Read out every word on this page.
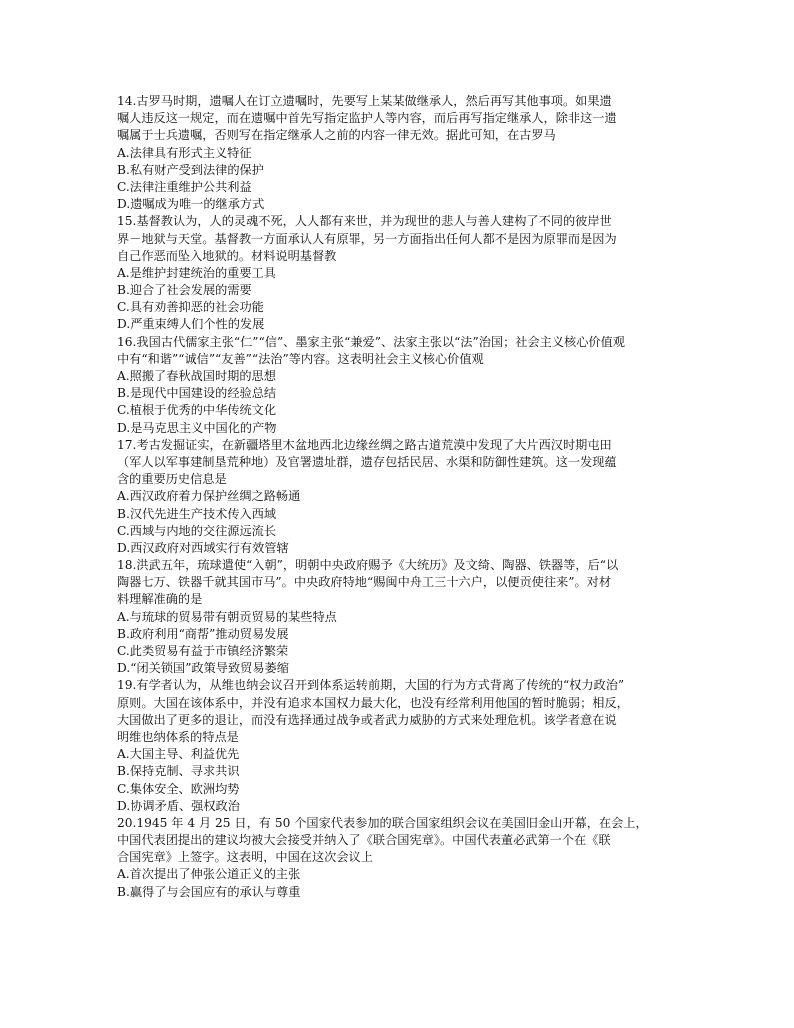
14.古罗马时期，遗嘱人在订立遗嘱时，先要写上某某做继承人，然后再写其他事项。如果遗
嘱人违反这一规定，而在遗嘱中首先写指定监护人等内容，而后再写指定继承人，除非这一遗
嘱属于士兵遗嘱，否则写在指定继承人之前的内容一律无效。据此可知，在古罗马
A.法律具有形式主义特征
B.私有财产受到法律的保护
C.法律注重维护公共利益
D.遗嘱成为唯一的继承方式
15.基督教认为，人的灵魂不死，人人都有来世，并为现世的悲人与善人建构了不同的彼岸世
界－地狱与天堂。基督教一方面承认人有原罪，另一方面指出任何人都不是因为原罪而是因为
自己作恶而坠入地狱的。材料说明基督教
A.是维护封建统治的重要工具
B.迎合了社会发展的需要
C.具有劝善抑恶的社会功能
D.严重束缚人们个性的发展
16.我国古代儒家主张“仁”“信”、墨家主张“兼爱”、法家主张以“法”治国；社会主义核心价值观
中有“和谐”“诚信”“友善”“法治”等内容。这表明社会主义核心价值观
A.照搬了春秋战国时期的思想
B.是现代中国建设的经验总结
C.植根于优秀的中华传统文化
D.是马克思主义中国化的产物
17.考古发掘证实，在新疆塔里木盆地西北边缘丝绸之路古道荒漠中发现了大片西汉时期屯田
（军人以军事建制垦荒种地）及官署遗址群，遗存包括民居、水渠和防御性建筑。这一发现蕴
含的重要历史信息是
A.西汉政府着力保护丝绸之路畅通
B.汉代先进生产技术传入西域
C.西域与内地的交往源远流长
D.西汉政府对西域实行有效管辖
18.洪武五年，琉球遣使“入朝”，明朝中央政府赐予《大统历》及文绮、陶器、铁器等，后“以
陶器七万、铁器千就其国市马”。中央政府特地“赐闽中舟工三十六户，以便贡使往来”。对材
料理解准确的是
A.与琉球的贸易带有朝贡贸易的某些特点
B.政府利用“商帮”推动贸易发展
C.此类贸易有益于市镇经济繁荣
D.“闭关锁国”政策导致贸易萎缩
19.有学者认为，从维也纳会议召开到体系运转前期，大国的行为方式背离了传统的“权力政治”
原则。大国在该体系中，并没有追求本国权力最大化，也没有经常利用他国的暂时脆弱；相反，
大国做出了更多的退让，而没有选择通过战争或者武力威胁的方式来处理危机。该学者意在说
明维也纳体系的特点是
A.大国主导、利益优先
B.保持克制、寻求共识
C.集体安全、欧洲均势
D.协调矛盾、强权政治
20.1945 年 4 月 25 日，有 50 个国家代表参加的联合国家组织会议在美国旧金山开幕，在会上，
中国代表团提出的建议均被大会接受并纳入了《联合国宪章》。中国代表董必武第一个在《联
合国宪章》上签字。这表明，中国在这次会议上
A.首次提出了伸张公道正义的主张
B.赢得了与会国应有的承认与尊重
